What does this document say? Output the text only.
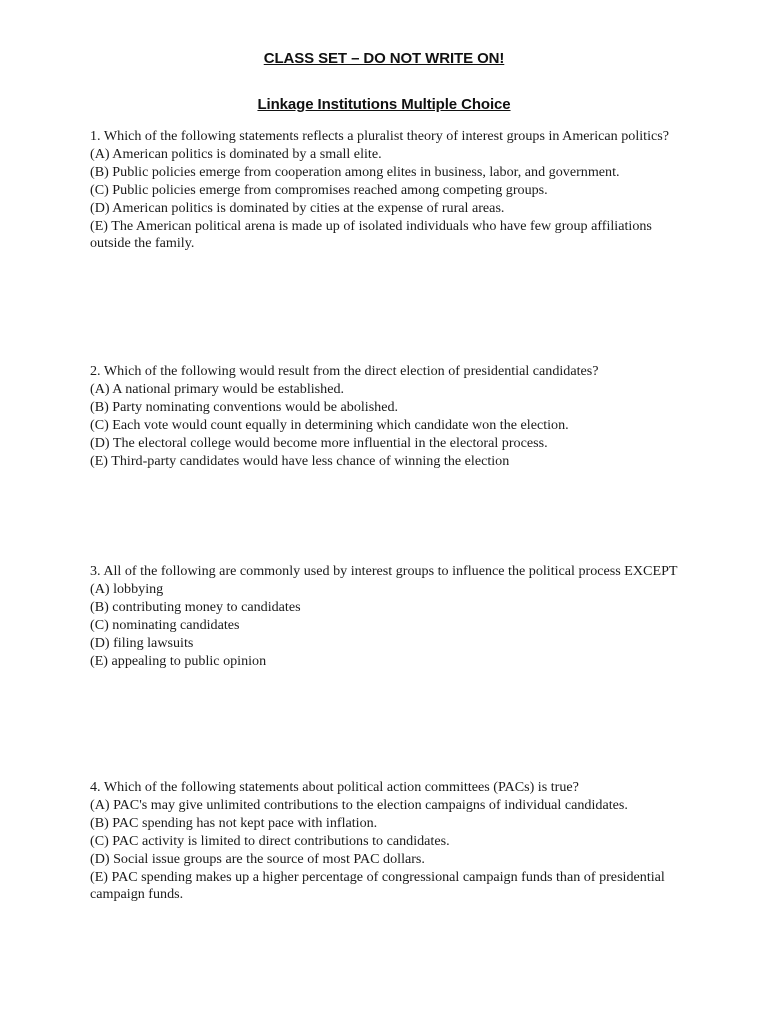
CLASS SET – DO NOT WRITE ON!
Linkage Institutions Multiple Choice

1. Which of the following statements reflects a pluralist theory of interest groups in American politics?

(A) American politics is dominated by a small elite.

(B) Public policies emerge from cooperation among elites in business, labor, and government.

(C) Public policies emerge from compromises reached among competing groups.

(D) American politics is dominated by cities at the expense of rural areas.

(E) The American political arena is made up of isolated individuals who have few group affiliations outside the family.

2. Which of the following would result from the direct election of presidential candidates?

(A) A national primary would be established.

(B) Party nominating conventions would be abolished.

(C) Each vote would count equally in determining which candidate won the election.

(D) The electoral college would become more influential in the electoral process.

(E) Third-party candidates would have less chance of winning the election

3. All of the following are commonly used by interest groups to influence the political process EXCEPT

(A) lobbying

(B) contributing money to candidates

(C) nominating candidates

(D) filing lawsuits

(E) appealing to public opinion

4. Which of the following statements about political action committees (PACs) is true?

(A) PAC's may give unlimited contributions to the election campaigns of individual candidates.

(B) PAC spending has not kept pace with inflation.

(C) PAC activity is limited to direct contributions to candidates.

(D) Social issue groups are the source of most PAC dollars.

(E) PAC spending makes up a higher percentage of congressional campaign funds than of presidential campaign funds.
